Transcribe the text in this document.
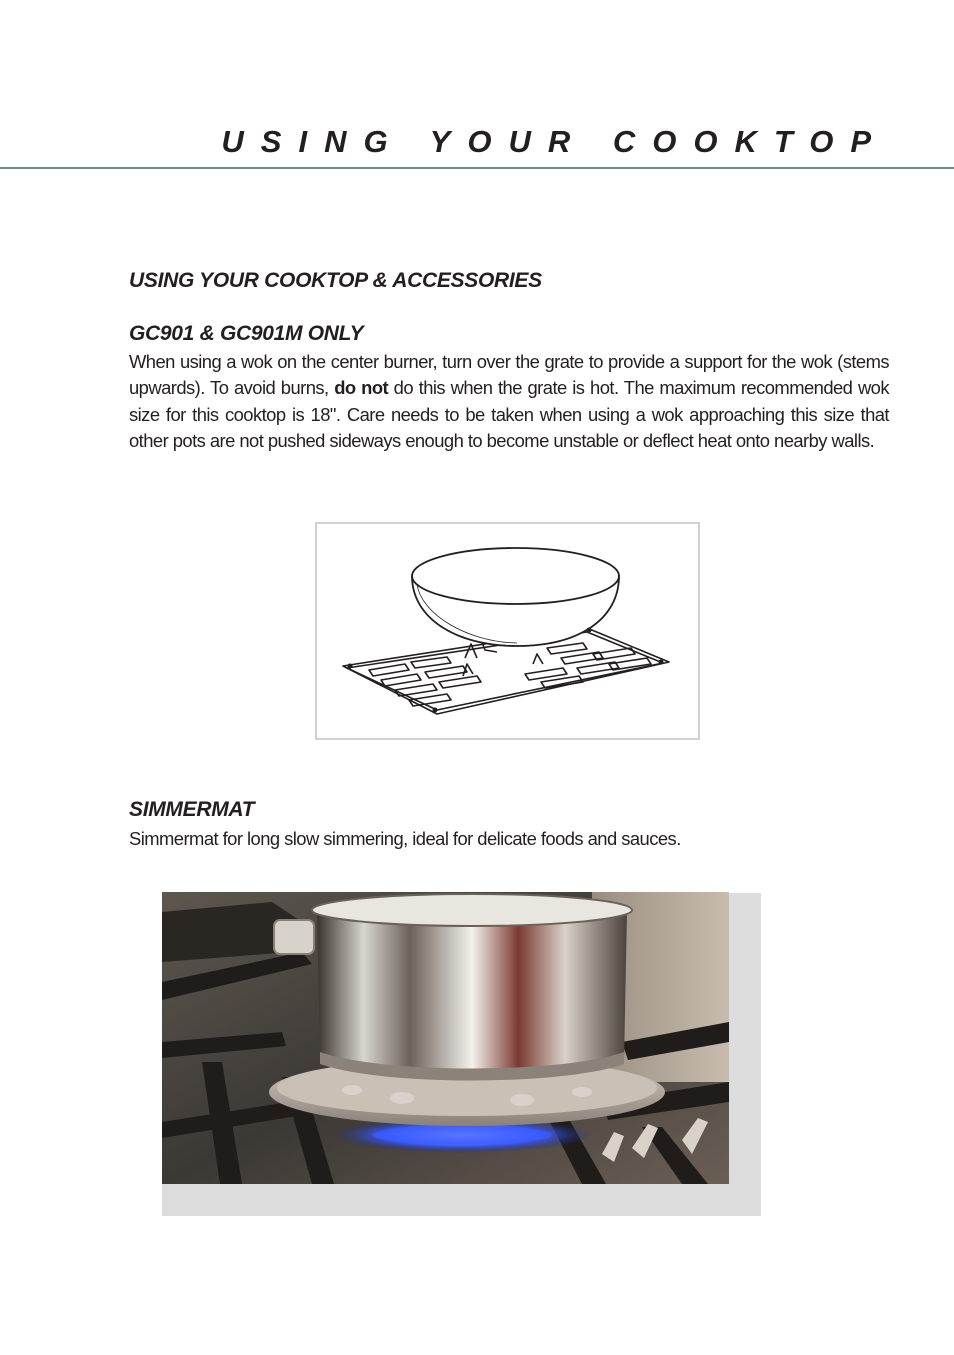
USING YOUR COOKTOP
USING YOUR COOKTOP & ACCESSORIES
GC901 & GC901M ONLY
When using a wok on the center burner, turn over the grate to provide a support for the wok (stems upwards). To avoid burns, do not do this when the grate is hot. The maximum recommended wok size for this cooktop is 18". Care needs to be taken when using a wok approaching this size that other pots are not pushed sideways enough to become unstable or deflect heat onto nearby walls.
SIMMERMAT
Simmermat for long slow simmering, ideal for delicate foods and sauces.
